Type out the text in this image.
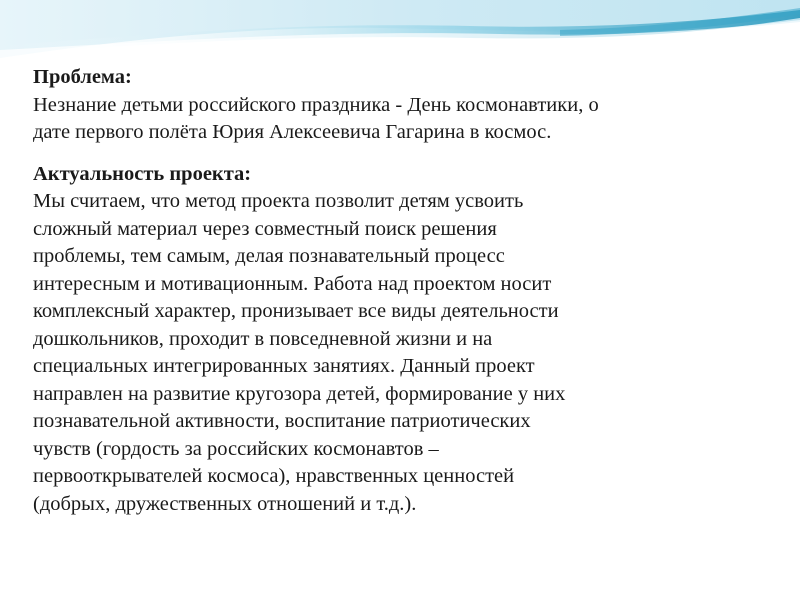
Проблема:
Незнание детьми российского праздника - День космонавтики, о
дате первого полёта Юрия Алексеевича Гагарина в космос.
Актуальность проекта:
Мы считаем, что метод проекта позволит детям усвоить
сложный материал через совместный поиск решения
проблемы, тем самым, делая познавательный процесс
интересным и мотивационным. Работа над проектом носит
комплексный характер, пронизывает все виды деятельности
дошкольников, проходит в повседневной жизни и на
специальных интегрированных занятиях. Данный проект
направлен на развитие кругозора детей, формирование у них
познавательной активности, воспитание патриотических
чувств (гордость за российских космонавтов –
первооткрывателей космоса), нравственных ценностей
(добрых, дружественных отношений и т.д.).
